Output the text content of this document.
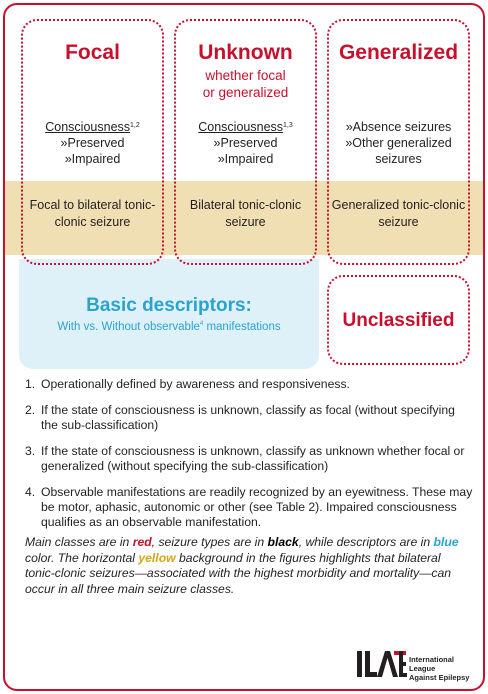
Focal
Consciousness$^{1,2}$
»Preserved
»Impaired
Focal to bilateral tonic-clonic seizure
Unknown
whether focal
or generalized
Consciousness$^{1,3}$
»Preserved
»Impaired
Bilateral tonic-clonic seizure
Generalized
»Absence seizures
»Other generalized
seizures
Generalized tonic-clonic seizure
Basic descriptors:
With vs. Without observable$^4$ manifestations	Unclassified
1. Operationally defined by awareness and responsiveness.
2. If the state of consciousness is unknown, classify as focal (without specifying the sub-classification)
3. If the state of consciousness is unknown, classify as unknown whether focal or generalized (without specifying the sub-classification)
4. Observable manifestations are readily recognized by an eyewitness. These may be motor, aphasic, autonomic or other (see Table 2). Impaired consciousness qualifies as an observable manifestation.

Main classes are in red, seizure types are in black, while descriptors are in blue color. The horizontal yellow background in the figures highlights that bilateral tonic-clonic seizures—associated with the highest morbidity and mortality—can occur in all three main seizure classes.

International League
Against Epilepsy
